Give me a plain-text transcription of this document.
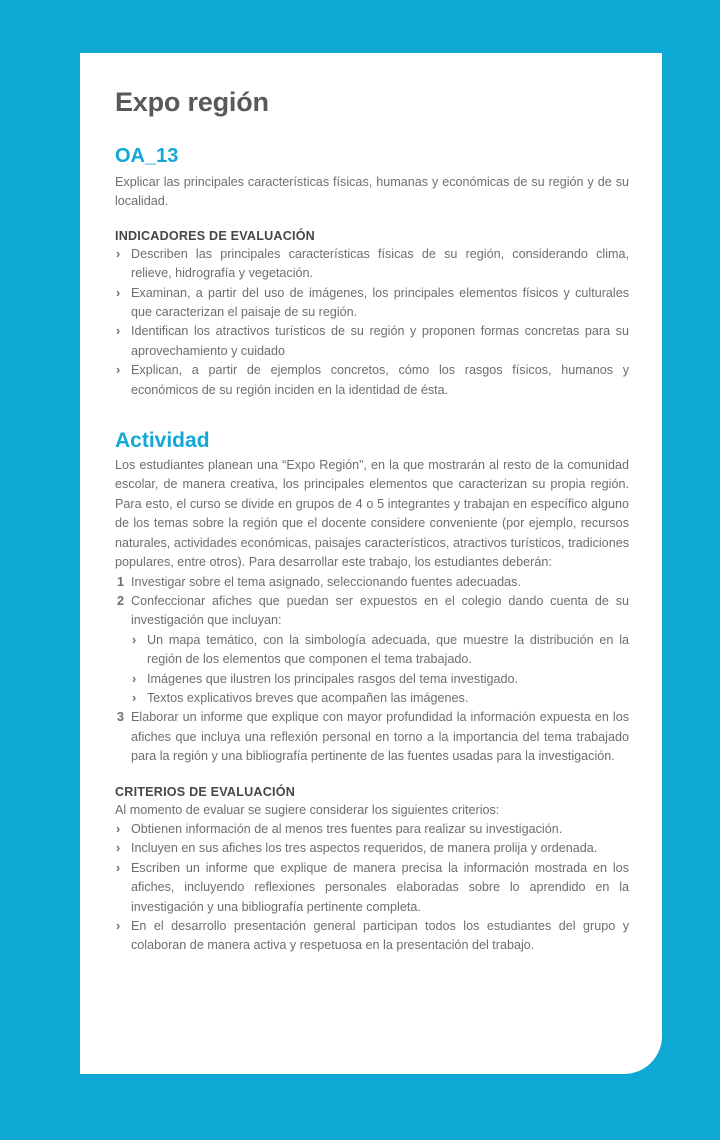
Expo región
OA_13

Explicar las principales características físicas, humanas y económicas de su región y de su localidad.

INDICADORES DE EVALUACIÓN
› Describen las principales características físicas de su región, considerando clima, relieve, hidrografía y vegetación.
› Examinan, a partir del uso de imágenes, los principales elementos físicos y culturales que caracterizan el paisaje de su región.
› Identifican los atractivos turísticos de su región y proponen formas concretas para su aprovechamiento y cuidado
› Explican, a partir de ejemplos concretos, cómo los rasgos físicos, humanos y económicos de su región inciden en la identidad de ésta.
Actividad

Los estudiantes planean una “Expo Región”, en la que mostrarán al resto de la comunidad escolar, de manera creativa, los principales elementos que caracterizan su propia región. Para esto, el curso se divide en grupos de 4 o 5 integrantes y trabajan en específico alguno de los temas sobre la región que el docente considere conveniente (por ejemplo, recursos naturales, actividades económicas, paisajes característicos, atractivos turísticos, tradiciones populares, entre otros). Para desarrollar este trabajo, los estudiantes deberán:

1 Investigar sobre el tema asignado, seleccionando fuentes adecuadas.
2 Confeccionar afiches que puedan ser expuestos en el colegio dando cuenta de su investigación que incluyan:
› Un mapa temático, con la simbología adecuada, que muestre la distribución en la región de los elementos que componen el tema trabajado.
› Imágenes que ilustren los principales rasgos del tema investigado.
› Textos explicativos breves que acompañen las imágenes.
3 Elaborar un informe que explique con mayor profundidad la información expuesta en los afiches que incluya una reflexión personal en torno a la importancia del tema trabajado para la región y una bibliografía pertinente de las fuentes usadas para la investigación.
CRITERIOS DE EVALUACIÓN

Al momento de evaluar se sugiere considerar los siguientes criterios:

› Obtienen información de al menos tres fuentes para realizar su investigación.
› Incluyen en sus afiches los tres aspectos requeridos, de manera prolija y ordenada.
› Escriben un informe que explique de manera precisa la información mostrada en los afiches, incluyendo reflexiones personales elaboradas sobre lo aprendido en la investigación y una bibliografía pertinente completa.
› En el desarrollo presentación general participan todos los estudiantes del grupo y colaboran de manera activa y respetuosa en la presentación del trabajo.
